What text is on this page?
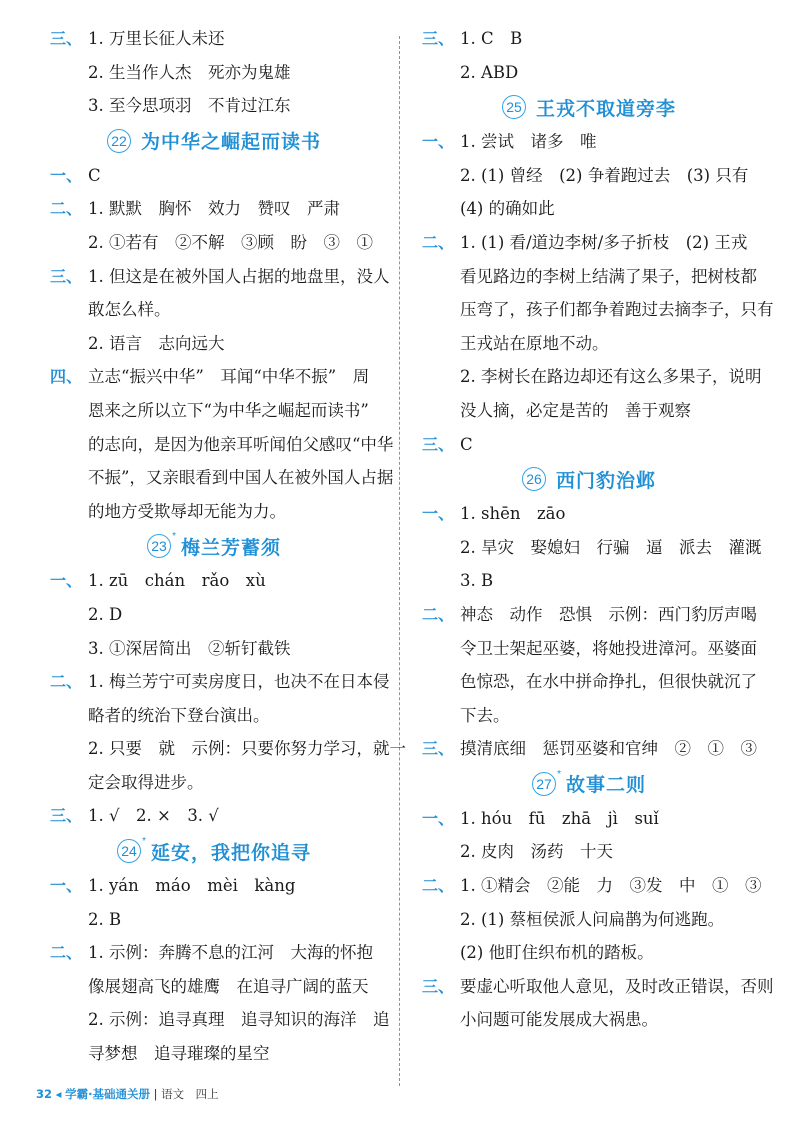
三、 1. 万里长征人未还
2. 生当作人杰　死亦为鬼雄
3. 至今思项羽　不肯过江东
22 为中华之崛起而读书
一、 C
二、 1. 默默　胸怀　效力　赞叹　严肃
2. ①若有　②不解　③顾　盼　③　①
三、 1. 但这是在被外国人占据的地盘里，没人
敢怎么样。
2. 语言　志向远大
四、 立志“振兴中华”　耳闻“中华不振”　周
恩来之所以立下“为中华之崛起而读书”
的志向，是因为他亲耳听闻伯父感叹“中华
不振”，又亲眼看到中国人在被外国人占据
的地方受欺辱却无能为力。
23
* 梅兰芳蓄须
一、 1. zū　chán　rǎo　xù
2. D
3. ①深居简出　②斩钉截铁
二、 1. 梅兰芳宁可卖房度日，也决不在日本侵
略者的统治下登台演出。
2. 只要　就　示例：只要你努力学习，就一
定会取得进步。
三、 1. √　2. ×　3. √
24
* 延安，我把你追寻
一、 1. yán　máo　mèi　kàng
2. B
二、 1. 示例：奔腾不息的江河　大海的怀抱
像展翅高飞的雄鹰　在追寻广阔的蓝天
2. 示例：追寻真理　追寻知识的海洋　追
寻梦想　追寻璀璨的星空
三、 1. C　B
2. ABD
25 王戎不取道旁李
一、 1. 尝试　诸多　唯
2. (1) 曾经　(2) 争着跑过去　(3) 只有
(4) 的确如此
二、 1. (1) 看/道边李树/多子折枝　(2) 王戎
看见路边的李树上结满了果子，把树枝都
压弯了，孩子们都争着跑过去摘李子，只有
王戎站在原地不动。
2. 李树长在路边却还有这么多果子，说明
没人摘，必定是苦的　善于观察
三、 C
26 西门豹治邺
一、 1. shēn　zāo
2. 旱灾　娶媳妇　行骗　逼　派去　灌溉
3. B
二、 神态　动作　恐惧　示例：西门豹厉声喝
令卫士架起巫婆，将她投进漳河。巫婆面
色惊恐，在水中拼命挣扎，但很快就沉了
下去。
三、 摸清底细　惩罚巫婆和官绅　②　①　③
27
* 故事二则
一、 1. hóu　fū　zhā　jì　suǐ
2. 皮肉　汤药　十天
二、 1. ①精会　②能　力　③发　中　①　③
2. (1) 蔡桓侯派人问扁鹊为何逃跑。
(2) 他盯住织布机的踏板。
三、 要虚心听取他人意见，及时改正错误，否则
小问题可能发展成大祸患。
32 ◂ 学霸·基础通关册 | 语文　四上
